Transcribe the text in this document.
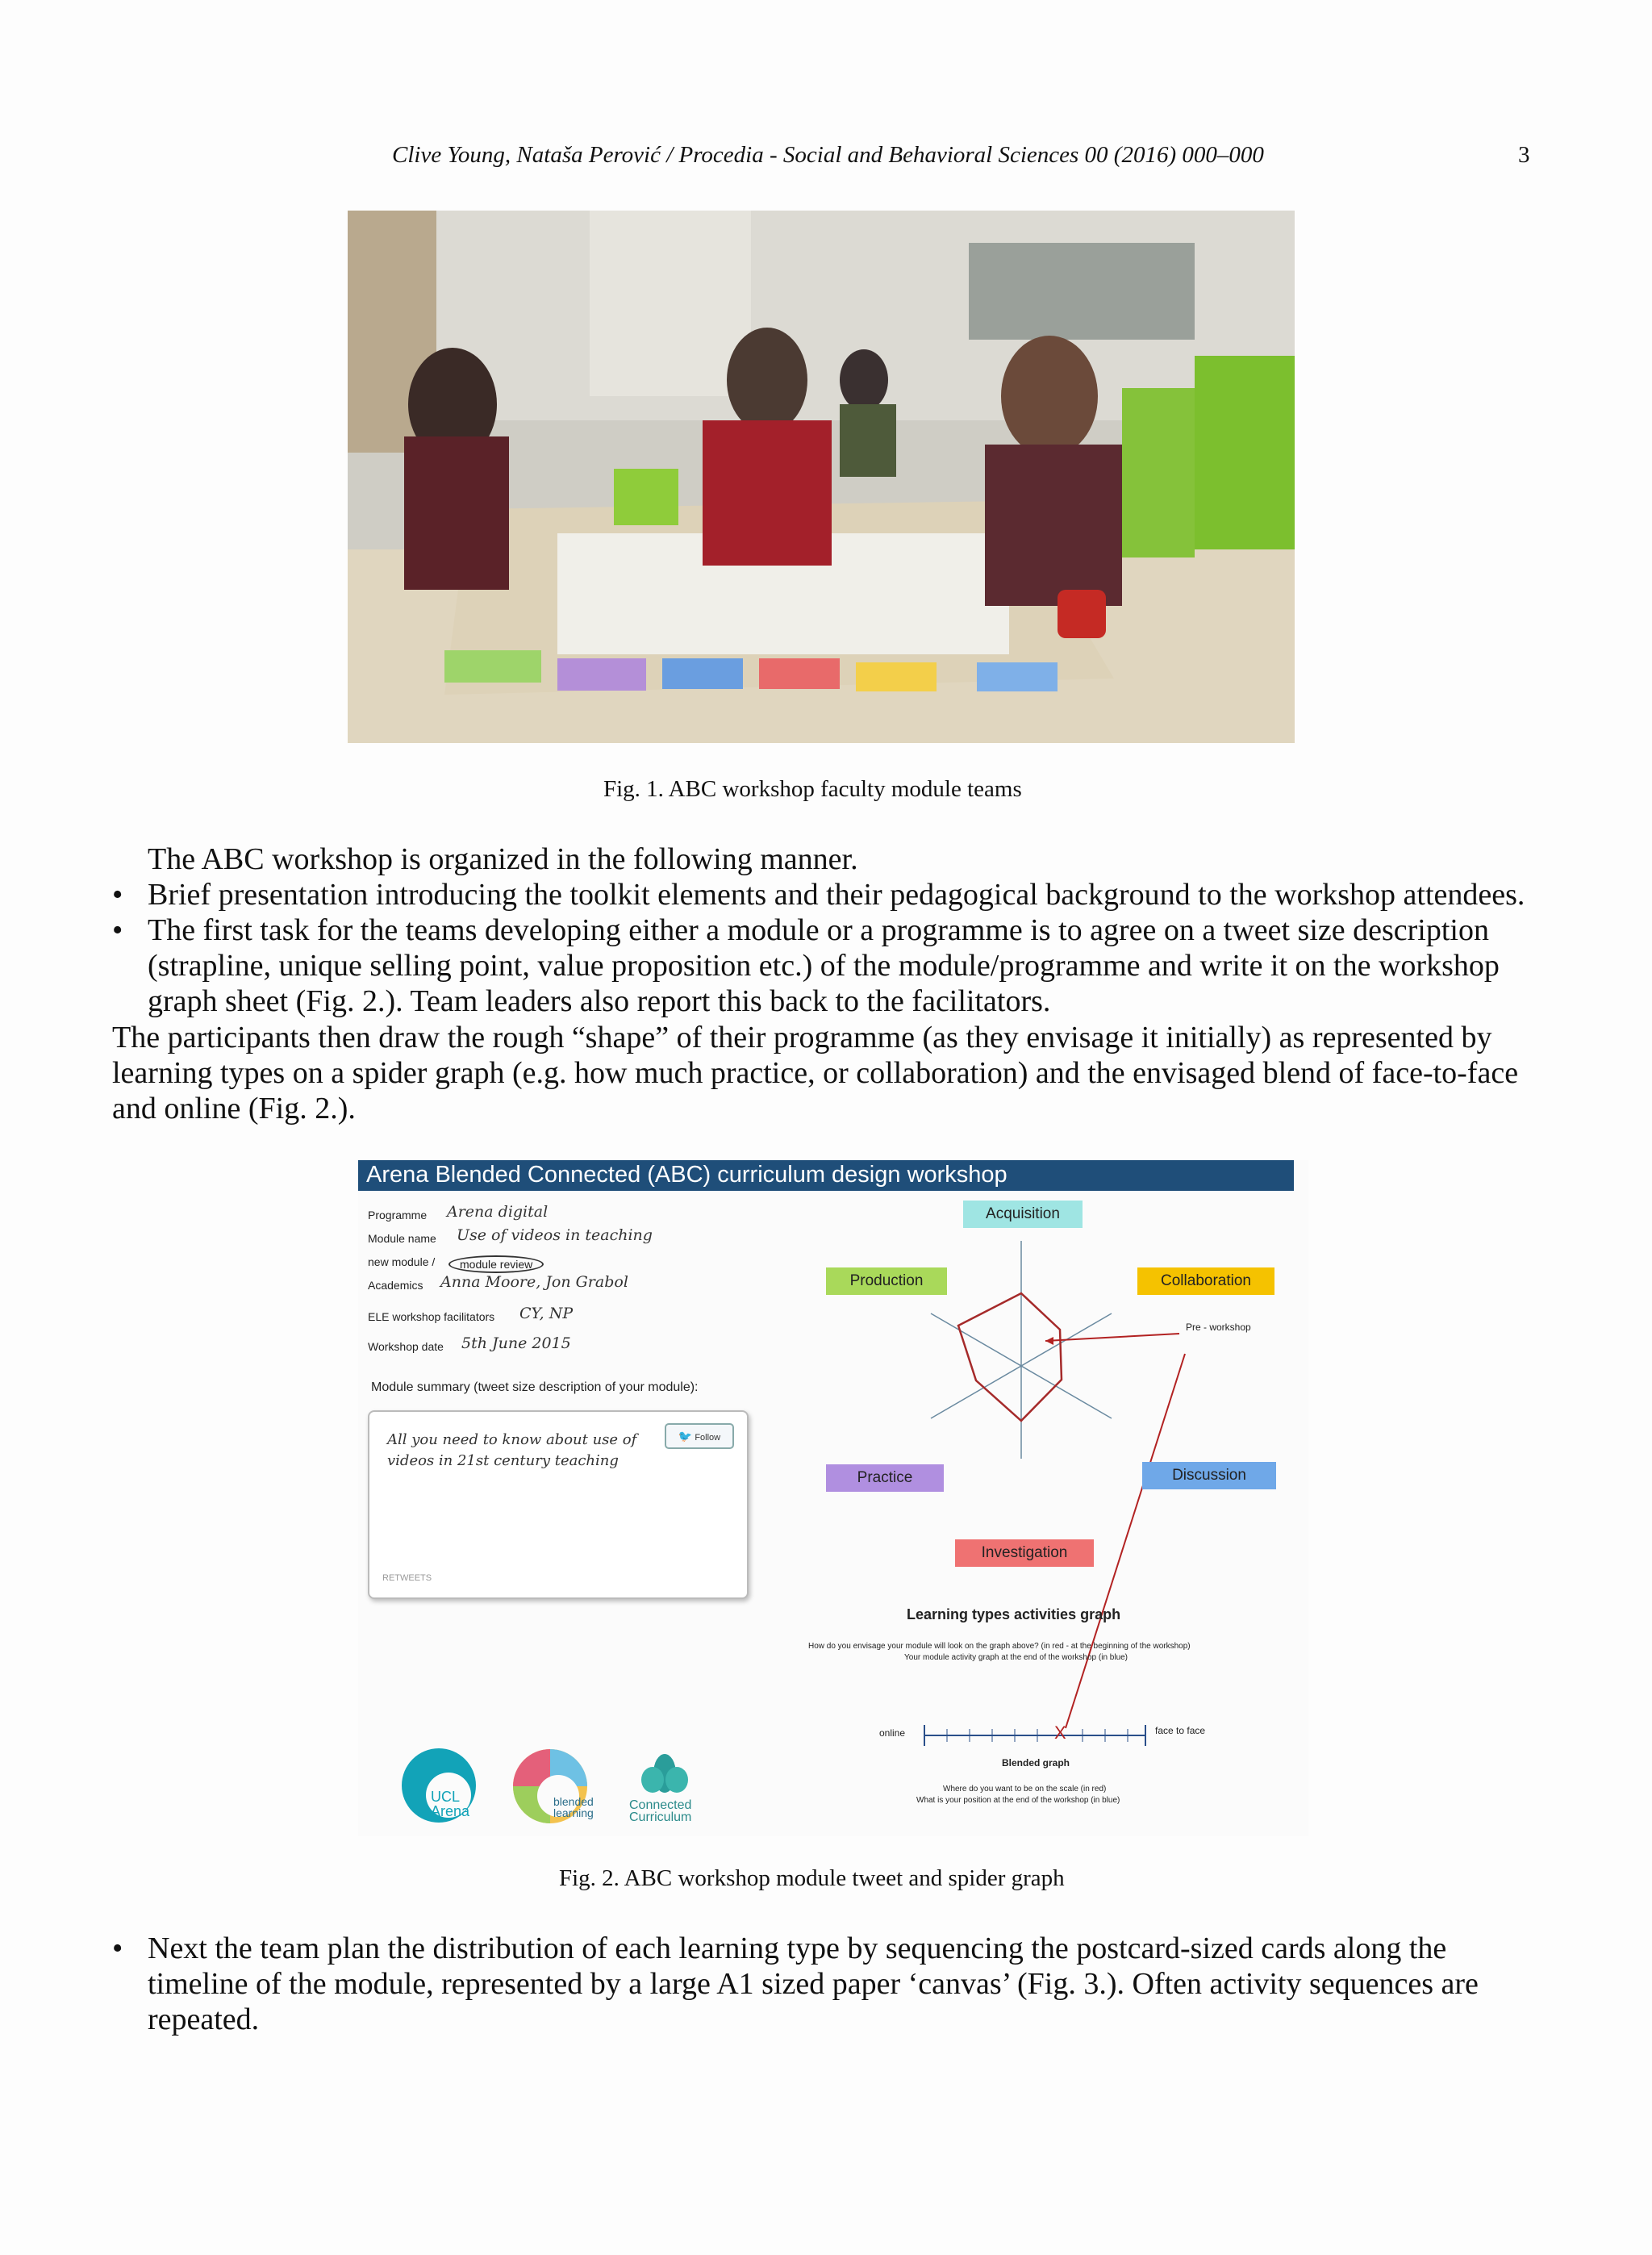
Clive Young, Nataša Perović / Procedia - Social and Behavioral Sciences 00 (2016) 000–000	3
Fig. 1. ABC workshop faculty module teams
The ABC workshop is organized in the following manner.
• Brief presentation introducing the toolkit elements and their pedagogical background to the workshop attendees.
• The first task for the teams developing either a module or a programme is to agree on a tweet size description (strapline, unique selling point, value proposition etc.) of the module/programme and write it on the workshop graph sheet (Fig. 2.). Team leaders also report this back to the facilitators.
The participants then draw the rough “shape” of their programme (as they envisage it initially) as represented by learning types on a spider graph (e.g. how much practice, or collaboration) and the envisaged blend of face-to-face and online (Fig. 2.).
Arena Blended Connected (ABC) curriculum design workshop
Programme Arena digital
Module name Use of videos in teaching
new module /	module review
Academics Anna Moore, Jon Grabol
ELE workshop facilitators CY, NP
Workshop date 5th June 2015
Module summary (tweet size description of your module):
🐦 Follow
All you need to know about use of
videos in 21st century teaching
RETWEETS
Acquisition
Production	Collaboration
Practice	Discussion
Investigation
Pre - workshop
Learning types activities graph
How do you envisage your module will look on the graph above? (in red - at the beginning of the workshop)
Your module activity graph at the end of the workshop (in blue)
online	face to face
X
Blended graph
Where do you want to be on the scale (in red)
What is your position at the end of the workshop (in blue)
UCL
Arena
blended
learning
Connected
Curriculum
Fig. 2. ABC workshop module tweet and spider graph
• Next the team plan the distribution of each learning type by sequencing the postcard-sized cards along the timeline of the module, represented by a large A1 sized paper ‘canvas’ (Fig. 3.). Often activity sequences are repeated.
